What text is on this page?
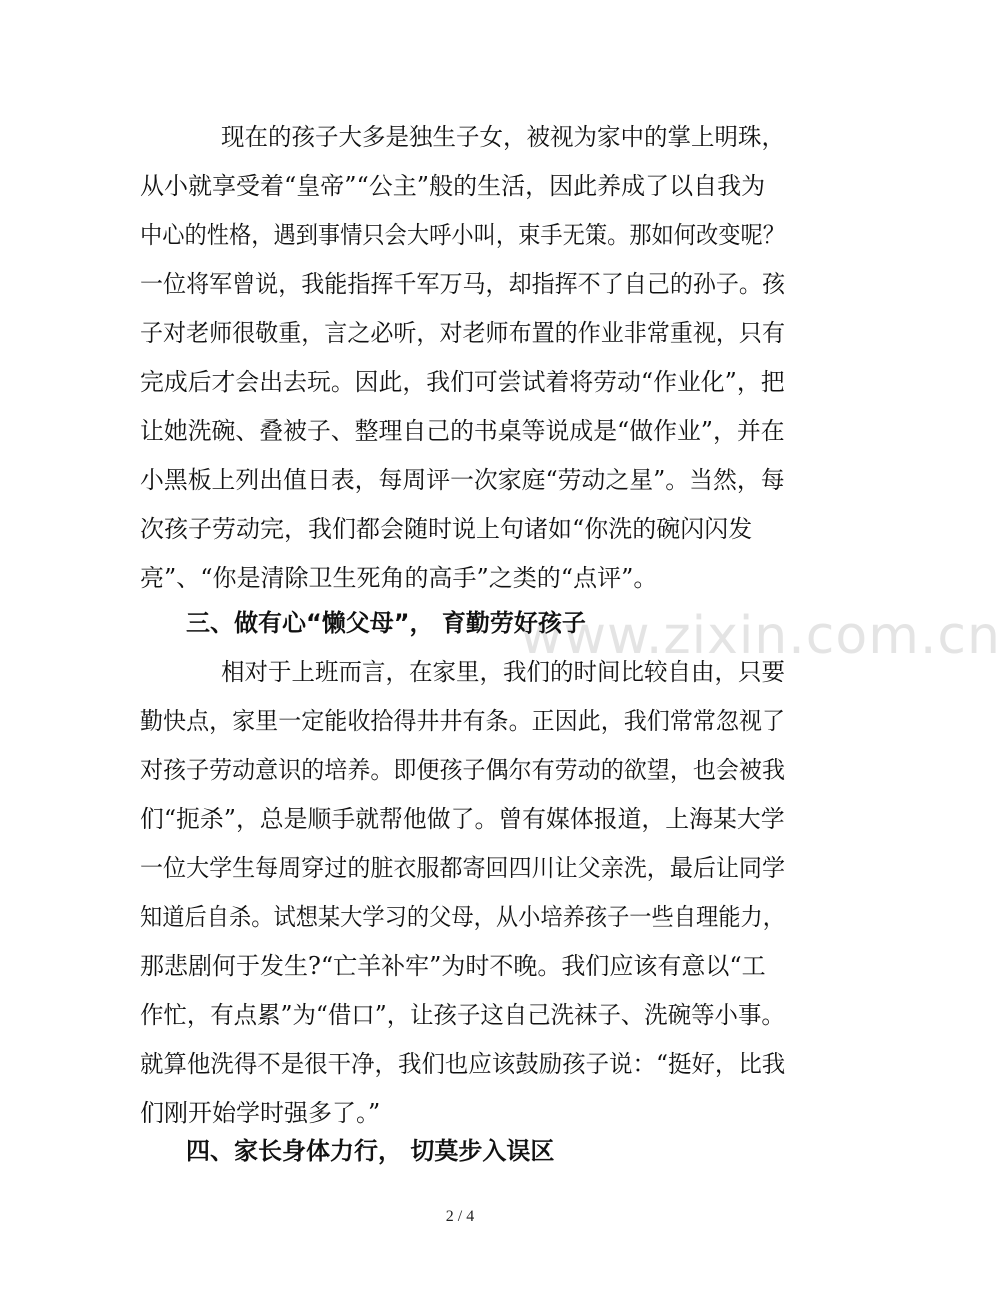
www.zixin.com.cn
现在的孩子大多是独生子女，被视为家中的掌上明珠，
从小就享受着“皇帝”“公主”般的生活，因此养成了以自我为
中心的性格，遇到事情只会大呼小叫，束手无策。那如何改变呢？
一位将军曾说，我能指挥千军万马，却指挥不了自己的孙子。孩
子对老师很敬重，言之必听，对老师布置的作业非常重视，只有
完成后才会出去玩。因此，我们可尝试着将劳动“作业化”，把
让她洗碗、叠被子、整理自己的书桌等说成是“做作业”，并在
小黑板上列出值日表，每周评一次家庭“劳动之星”。当然，每
次孩子劳动完，我们都会随时说上句诸如“你洗的碗闪闪发
亮”、“你是清除卫生死角的高手”之类的“点评”。
三、做有心“懒父母”， 育勤劳好孩子
相对于上班而言，在家里，我们的时间比较自由，只要
勤快点，家里一定能收拾得井井有条。正因此，我们常常忽视了
对孩子劳动意识的培养。即便孩子偶尔有劳动的欲望，也会被我
们“扼杀”，总是顺手就帮他做了。曾有媒体报道，上海某大学
一位大学生每周穿过的脏衣服都寄回四川让父亲洗，最后让同学
知道后自杀。试想某大学习的父母，从小培养孩子一些自理能力，
那悲剧何于发生?“亡羊补牢”为时不晚。我们应该有意以“工
作忙，有点累”为“借口”，让孩子这自己洗袜子、洗碗等小事。
就算他洗得不是很干净，我们也应该鼓励孩子说：“挺好，比我
们刚开始学时强多了。”
四、家长身体力行， 切莫步入误区
2 / 4
